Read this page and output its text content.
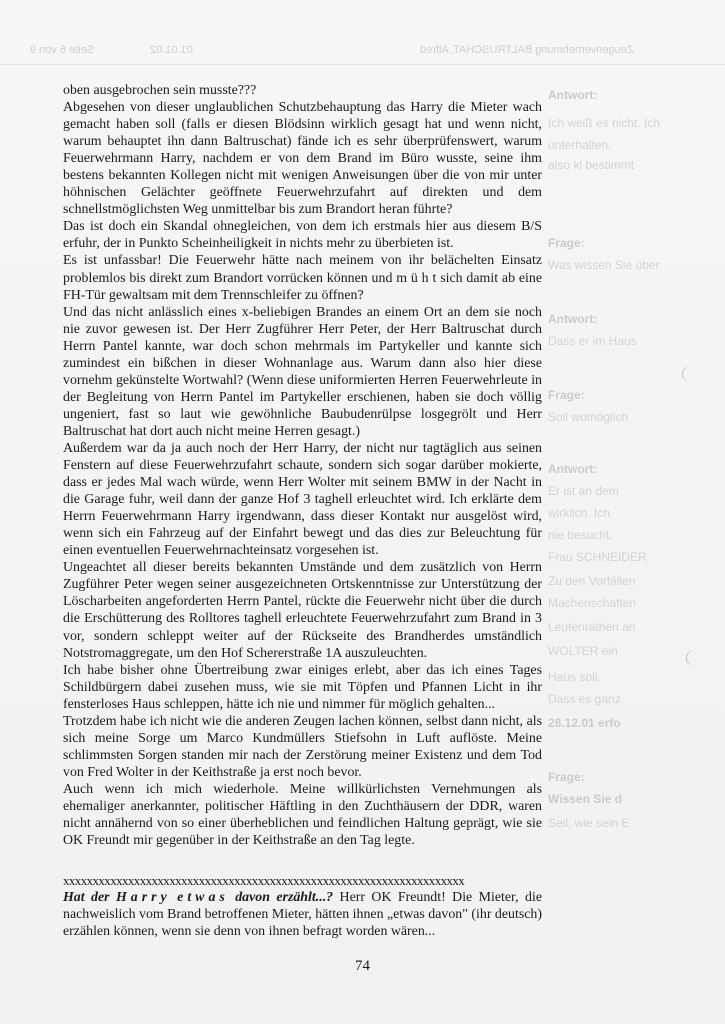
Seite 6 von 9	01.01.02	Zeugenvernehmung BALTRUSCHAT, Alfred
Antwort:
Ich weiß es nicht. Ich
unterhalten.
also kl bestimmt
Frage:
Was wissen Sie über
Antwort:
Dass er im Haus
Frage:
Soll womöglich
Antwort:
Er ist an dem
wirklich. Ich
nie besucht.
Frau SCHNEIDER
Zu den Vorfällen
Machenschaften
Leutenrathen an
WOLTER ein
Haus soll.
Dass es ganz
28.12.01 erfo
Frage:
Wissen Sie d
Seil, wie sein E

oben ausgebrochen sein musste???

Abgesehen von dieser unglaublichen Schutzbehauptung das Harry die Mieter wach gemacht haben soll (falls er diesen Blödsinn wirklich gesagt hat und wenn nicht, warum behauptet ihn dann Baltruschat) fände ich es sehr überprüfenswert, warum Feuerwehrmann Harry, nachdem er von dem Brand im Büro wusste, seine ihm bestens bekannten Kollegen nicht mit wenigen Anweisungen über die von mir unter höhnischen Gelächter geöffnete Feuerwehrzufahrt auf direkten und dem schnellstmöglichsten Weg unmittelbar bis zum Brandort heran führte?

Das ist doch ein Skandal ohnegleichen, von dem ich erstmals hier aus diesem B/S erfuhr, der in Punkto Scheinheiligkeit in nichts mehr zu überbieten ist.

Es ist unfassbar! Die Feuerwehr hätte nach meinem von ihr belächelten Einsatz problemlos bis direkt zum Brandort vorrücken können und m ü h t sich damit ab eine FH-Tür gewaltsam mit dem Trennschleifer zu öffnen?

Und das nicht anlässlich eines x-beliebigen Brandes an einem Ort an dem sie noch nie zuvor gewesen ist. Der Herr Zugführer Herr Peter, der Herr Baltruschat durch Herrn Pantel kannte, war doch schon mehrmals im Partykeller und kannte sich zumindest ein bißchen in dieser Wohnanlage aus. Warum dann also hier diese vornehm gekünstelte Wortwahl? (Wenn diese uniformierten Herren Feuerwehrleute in der Begleitung von Herrn Pantel im Partykeller erschienen, haben sie doch völlig ungeniert, fast so laut wie gewöhnliche Baubudenrülpse losgegrölt und Herr Baltruschat hat dort auch nicht meine Herren gesagt.)

Außerdem war da ja auch noch der Herr Harry, der nicht nur tagtäglich aus seinen Fenstern auf diese Feuerwehrzufahrt schaute, sondern sich sogar darüber mokierte, dass er jedes Mal wach würde, wenn Herr Wolter mit seinem BMW in der Nacht in die Garage fuhr, weil dann der ganze Hof 3 taghell erleuchtet wird. Ich erklärte dem Herrn Feuerwehrmann Harry irgendwann, dass dieser Kontakt nur ausgelöst wird, wenn sich ein Fahrzeug auf der Einfahrt bewegt und das dies zur Beleuchtung für einen eventuellen Feuerwehrnachteinsatz vorgesehen ist.

Ungeachtet all dieser bereits bekannten Umstände und dem zusätzlich von Herrn Zugführer Peter wegen seiner ausgezeichneten Ortskenntnisse zur Unterstützung der Löscharbeiten angeforderten Herrn Pantel, rückte die Feuerwehr nicht über die durch die Erschütterung des Rolltores taghell erleuchtete Feuerwehrzufahrt zum Brand in 3 vor, sondern schleppt weiter auf der Rückseite des Brandherdes umständlich Notstromaggregate, um den Hof Schererstraße 1A auszuleuchten.

Ich habe bisher ohne Übertreibung zwar einiges erlebt, aber das ich eines Tages Schildbürgern dabei zusehen muss, wie sie mit Töpfen und Pfannen Licht in ihr fensterloses Haus schleppen, hätte ich nie und nimmer für möglich gehalten...

Trotzdem habe ich nicht wie die anderen Zeugen lachen können, selbst dann nicht, als sich meine Sorge um Marco Kundmüllers Stiefsohn in Luft auflöste. Meine schlimmsten Sorgen standen mir nach der Zerstörung meiner Existenz und dem Tod von Fred Wolter in der Keithstraße ja erst noch bevor.

Auch wenn ich mich wiederhole. Meine willkürlichsten Vernehmungen als ehemaliger anerkannter, politischer Häftling in den Zuchthäusern der DDR, waren nicht annähernd von so einer überheblichen und feindlichen Haltung geprägt, wie sie OK Freundt mir gegenüber in der Keithstraße an den Tag legte.

xxxxxxxxxxxxxxxxxxxxxxxxxxxxxxxxxxxxxxxxxxxxxxxxxxxxxxxxxxxxxxxxxxxx

Hat der Harry etwas davon erzählt...? Herr OK Freundt! Die Mieter, die nachweislich vom Brand betroffenen Mieter, hätten ihnen „etwas davon" (ihr deutsch) erzählen können, wenn sie denn von ihnen befragt worden wären...

74
